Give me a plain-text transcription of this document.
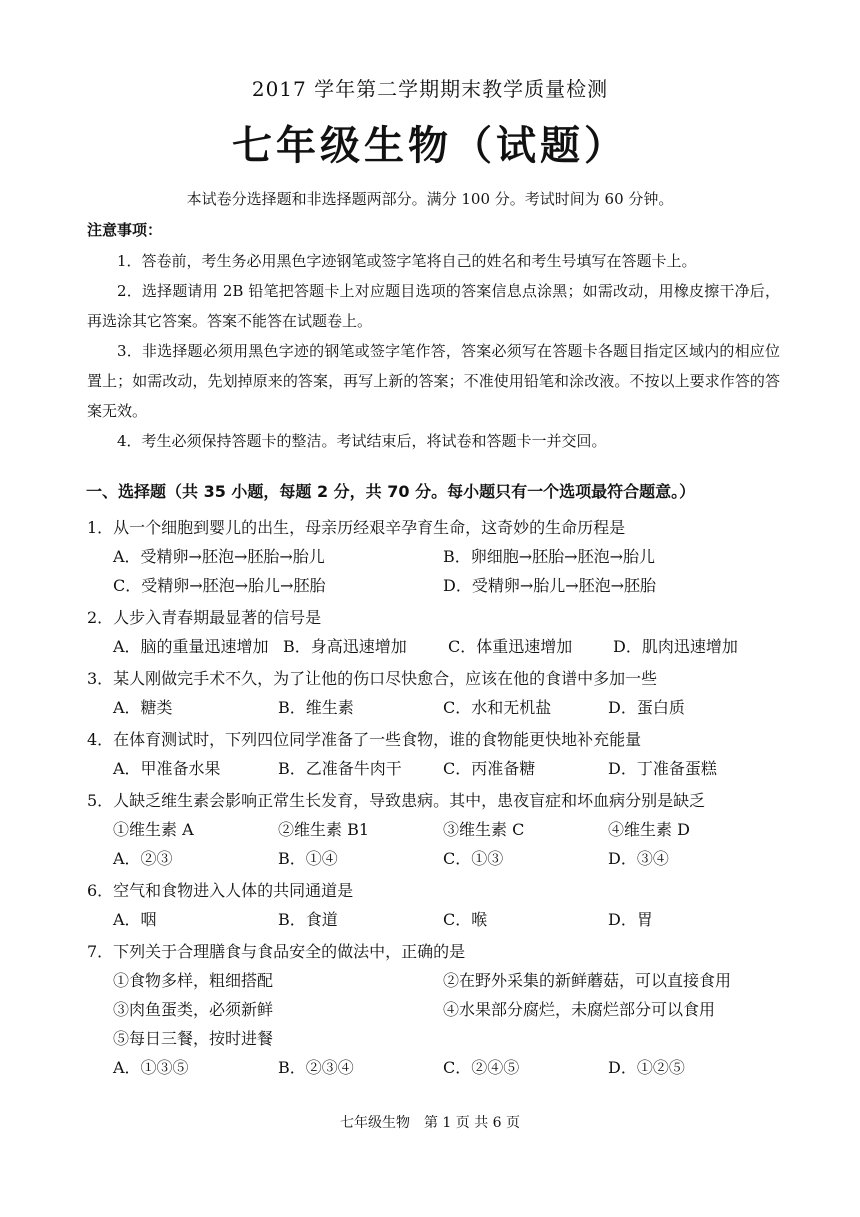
2017 学年第二学期期末教学质量检测
七年级生物（试题）
本试卷分选择题和非选择题两部分。满分 100 分。考试时间为 60 分钟。
注意事项：
1．答卷前，考生务必用黑色字迹钢笔或签字笔将自己的姓名和考生号填写在答题卡上。
2．选择题请用 2B 铅笔把答题卡上对应题目选项的答案信息点涂黑；如需改动，用橡皮擦干净后，再选涂其它答案。答案不能答在试题卷上。
3．非选择题必须用黑色字迹的钢笔或签字笔作答，答案必须写在答题卡各题目指定区域内的相应位置上；如需改动，先划掉原来的答案，再写上新的答案；不准使用铅笔和涂改液。不按以上要求作答的答案无效。
4．考生必须保持答题卡的整洁。考试结束后，将试卷和答题卡一并交回。
一、选择题（共 35 小题，每题 2 分，共 70 分。每小题只有一个选项最符合题意。）
1．从一个细胞到婴儿的出生，母亲历经艰辛孕育生命，这奇妙的生命历程是
A．受精卵→胚泡→胚胎→胎儿	B．卵细胞→胚胎→胚泡→胎儿
C．受精卵→胚泡→胎儿→胚胎	D．受精卵→胎儿→胚泡→胚胎
2．人步入青春期最显著的信号是
A．脑的重量迅速增加 B．身高迅速增加	C．体重迅速增加	D．肌肉迅速增加
3．某人刚做完手术不久，为了让他的伤口尽快愈合，应该在他的食谱中多加一些
A．糖类	B．维生素	C．水和无机盐	D．蛋白质
4．在体育测试时，下列四位同学准备了一些食物，谁的食物能更快地补充能量
A．甲准备水果	B．乙准备牛肉干	C．丙准备糖	D．丁准备蛋糕
5．人缺乏维生素会影响正常生长发育，导致患病。其中，患夜盲症和坏血病分别是缺乏
①维生素 A	②维生素 B1	③维生素 C	④维生素 D
A．②③	B．①④	C．①③	D．③④
6．空气和食物进入人体的共同通道是
A．咽	B．食道	C．喉	D．胃
7．下列关于合理膳食与食品安全的做法中，正确的是
①食物多样，粗细搭配	②在野外采集的新鲜蘑菇，可以直接食用
③肉鱼蛋类，必须新鲜	④水果部分腐烂，未腐烂部分可以食用
⑤每日三餐，按时进餐
A．①③⑤	B．②③④	C．②④⑤	D．①②⑤
七年级生物　第 1 页 共 6 页
